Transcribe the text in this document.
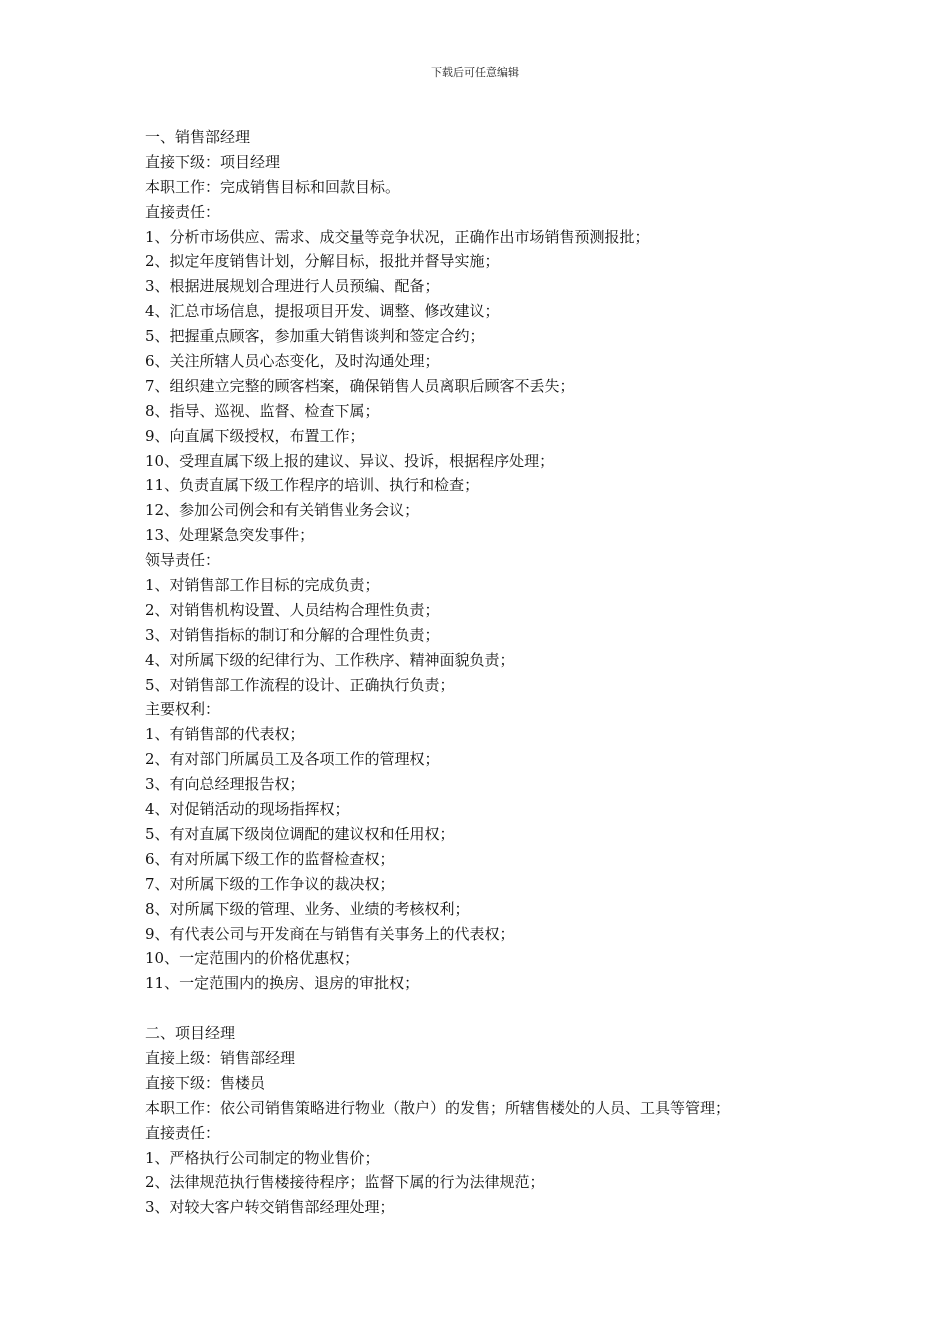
下载后可任意编辑
一、销售部经理
直接下级：项目经理
本职工作：完成销售目标和回款目标。
直接责任：
1、分析市场供应、需求、成交量等竞争状况，正确作出市场销售预测报批；
2、拟定年度销售计划，分解目标，报批并督导实施；
3、根据进展规划合理进行人员预编、配备；
4、汇总市场信息，提报项目开发、调整、修改建议；
5、把握重点顾客，参加重大销售谈判和签定合约；
6、关注所辖人员心态变化，及时沟通处理；
7、组织建立完整的顾客档案，确保销售人员离职后顾客不丢失；
8、指导、巡视、监督、检查下属；
9、向直属下级授权，布置工作；
10、受理直属下级上报的建议、异议、投诉，根据程序处理；
11、负责直属下级工作程序的培训、执行和检查；
12、参加公司例会和有关销售业务会议；
13、处理紧急突发事件；
领导责任：
1、对销售部工作目标的完成负责；
2、对销售机构设置、人员结构合理性负责；
3、对销售指标的制订和分解的合理性负责；
4、对所属下级的纪律行为、工作秩序、精神面貌负责；
5、对销售部工作流程的设计、正确执行负责；
主要权利：
1、有销售部的代表权；
2、有对部门所属员工及各项工作的管理权；
3、有向总经理报告权；
4、对促销活动的现场指挥权；
5、有对直属下级岗位调配的建议权和任用权；
6、有对所属下级工作的监督检查权；
7、对所属下级的工作争议的裁决权；
8、对所属下级的管理、业务、业绩的考核权利；
9、有代表公司与开发商在与销售有关事务上的代表权；
10、一定范围内的价格优惠权；
11、一定范围内的换房、退房的审批权；
二、项目经理
直接上级：销售部经理
直接下级：售楼员
本职工作：依公司销售策略进行物业（散户）的发售；所辖售楼处的人员、工具等管理；
直接责任：
1、严格执行公司制定的物业售价；
2、法律规范执行售楼接待程序；监督下属的行为法律规范；
3、对较大客户转交销售部经理处理；
